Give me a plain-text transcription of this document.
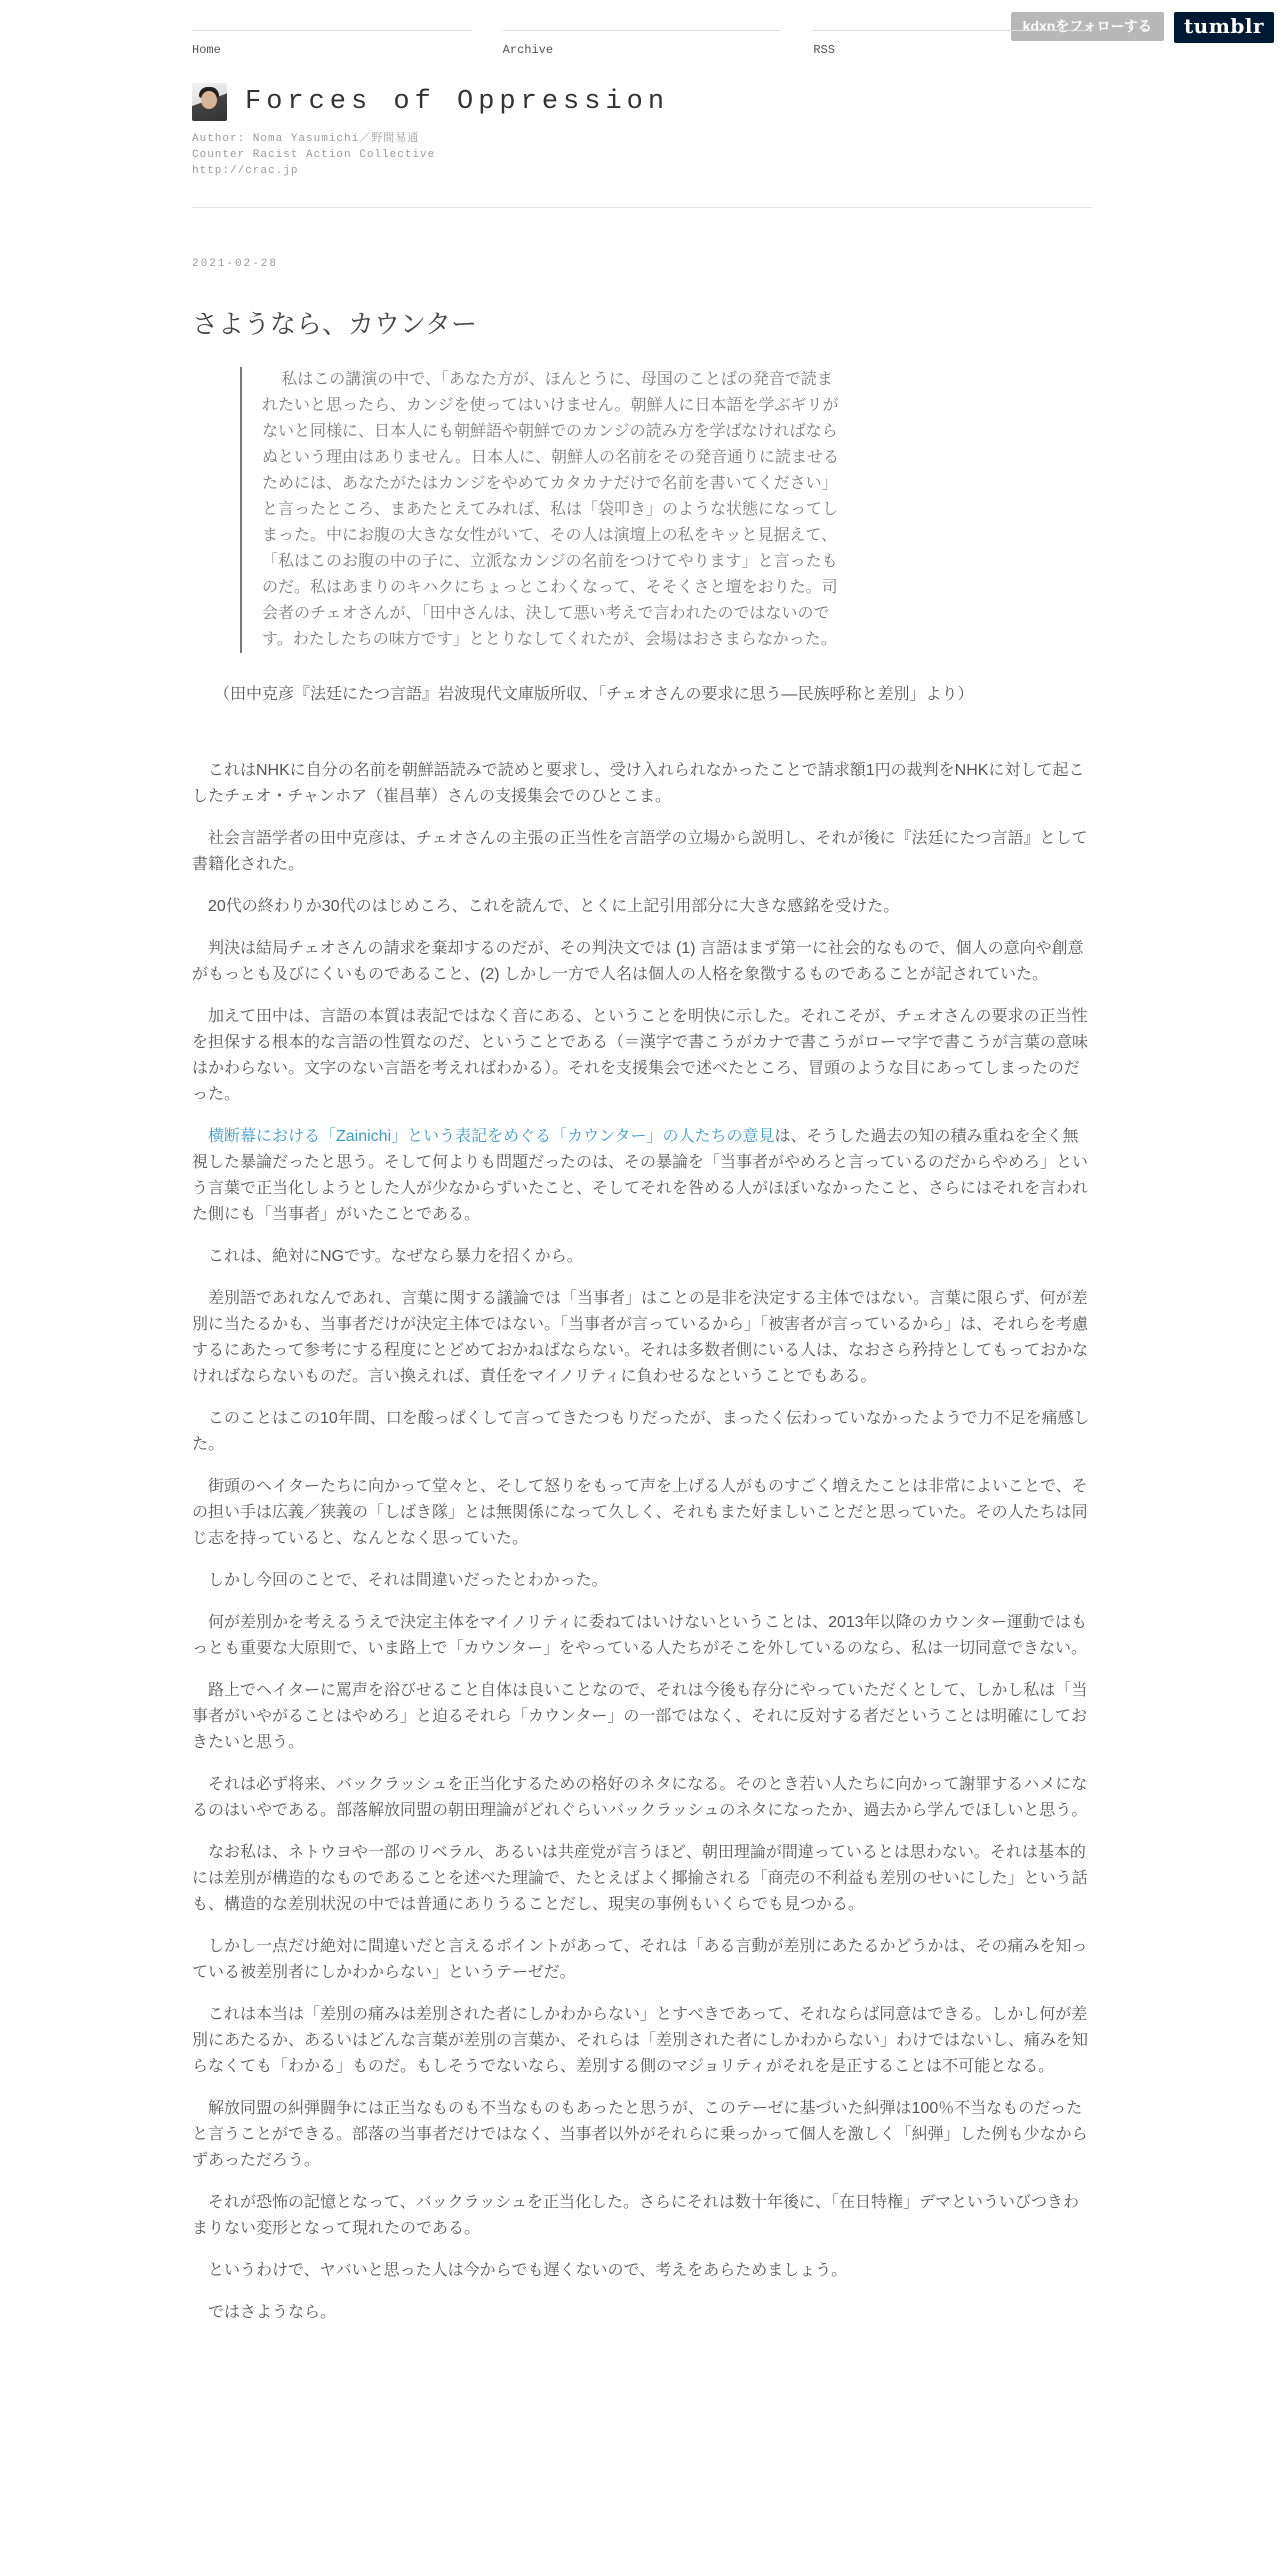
kdxnをフォローする	tumblr
Home	Archive	RSS
Forces of Oppression
Author: Noma Yasumichi／野間易通
Counter Racist Action Collective
http://crac.jp
2021-02-28
さようなら、カウンター
私はこの講演の中で、「あなた方が、ほんとうに、母国のことばの発音で読まれたいと思ったら、カンジを使ってはいけません。朝鮮人に日本語を学ぶギリがないと同様に、日本人にも朝鮮語や朝鮮でのカンジの読み方を学ばなければならぬという理由はありません。日本人に、朝鮮人の名前をその発音通りに読ませるためには、あなたがたはカンジをやめてカタカナだけで名前を書いてください」と言ったところ、まあたとえてみれば、私は「袋叩き」のような状態になってしまった。中にお腹の大きな女性がいて、その人は演壇上の私をキッと見据えて、「私はこのお腹の中の子に、立派なカンジの名前をつけてやります」と言ったものだ。私はあまりのキハクにちょっとこわくなって、そそくさと壇をおりた。司会者のチェオさんが、「田中さんは、決して悪い考えで言われたのではないのです。わたしたちの味方です」ととりなしてくれたが、会場はおさまらなかった。
（田中克彦『法廷にたつ言語』岩波現代文庫版所収、「チェオさんの要求に思う―民族呼称と差別」より）

これはNHKに自分の名前を朝鮮語読みで読めと要求し、受け入れられなかったことで請求額1円の裁判をNHKに対して起こしたチェオ・チャンホア（崔昌華）さんの支援集会でのひとこま。

社会言語学者の田中克彦は、チェオさんの主張の正当性を言語学の立場から説明し、それが後に『法廷にたつ言語』として書籍化された。

20代の終わりか30代のはじめころ、これを読んで、とくに上記引用部分に大きな感銘を受けた。

判決は結局チェオさんの請求を棄却するのだが、その判決文では (1) 言語はまず第一に社会的なもので、個人の意向や創意がもっとも及びにくいものであること、(2) しかし一方で人名は個人の人格を象徴するものであることが記されていた。

加えて田中は、言語の本質は表記ではなく音にある、ということを明快に示した。それこそが、チェオさんの要求の正当性を担保する根本的な言語の性質なのだ、ということである（＝漢字で書こうがカナで書こうがローマ字で書こうが言葉の意味はかわらない。文字のない言語を考えればわかる）。それを支援集会で述べたところ、冒頭のような目にあってしまったのだった。

横断幕における「Zainichi」という表記をめぐる「カウンター」の人たちの意見は、そうした過去の知の積み重ねを全く無視した暴論だったと思う。そして何よりも問題だったのは、その暴論を「当事者がやめろと言っているのだからやめろ」という言葉で正当化しようとした人が少なからずいたこと、そしてそれを咎める人がほぼいなかったこと、さらにはそれを言われた側にも「当事者」がいたことである。

これは、絶対にNGです。なぜなら暴力を招くから。

差別語であれなんであれ、言葉に関する議論では「当事者」はことの是非を決定する主体ではない。言葉に限らず、何が差別に当たるかも、当事者だけが決定主体ではない。「当事者が言っているから」「被害者が言っているから」は、それらを考慮するにあたって参考にする程度にとどめておかねばならない。それは多数者側にいる人は、なおさら矜持としてもっておかなければならないものだ。言い換えれば、責任をマイノリティに負わせるなということでもある。

このことはこの10年間、口を酸っぱくして言ってきたつもりだったが、まったく伝わっていなかったようで力不足を痛感した。

街頭のヘイターたちに向かって堂々と、そして怒りをもって声を上げる人がものすごく増えたことは非常によいことで、その担い手は広義／狭義の「しばき隊」とは無関係になって久しく、それもまた好ましいことだと思っていた。その人たちは同じ志を持っていると、なんとなく思っていた。

しかし今回のことで、それは間違いだったとわかった。

何が差別かを考えるうえで決定主体をマイノリティに委ねてはいけないということは、2013年以降のカウンター運動ではもっとも重要な大原則で、いま路上で「カウンター」をやっている人たちがそこを外しているのなら、私は一切同意できない。

路上でヘイターに罵声を浴びせること自体は良いことなので、それは今後も存分にやっていただくとして、しかし私は「当事者がいやがることはやめろ」と迫るそれら「カウンター」の一部ではなく、それに反対する者だということは明確にしておきたいと思う。

それは必ず将来、バックラッシュを正当化するための格好のネタになる。そのとき若い人たちに向かって謝罪するハメになるのはいやである。部落解放同盟の朝田理論がどれぐらいバックラッシュのネタになったか、過去から学んでほしいと思う。

なお私は、ネトウヨや一部のリベラル、あるいは共産党が言うほど、朝田理論が間違っているとは思わない。それは基本的には差別が構造的なものであることを述べた理論で、たとえばよく揶揄される「商売の不利益も差別のせいにした」という話も、構造的な差別状況の中では普通にありうることだし、現実の事例もいくらでも見つかる。

しかし一点だけ絶対に間違いだと言えるポイントがあって、それは「ある言動が差別にあたるかどうかは、その痛みを知っている被差別者にしかわからない」というテーゼだ。

これは本当は「差別の痛みは差別された者にしかわからない」とすべきであって、それならば同意はできる。しかし何が差別にあたるか、あるいはどんな言葉が差別の言葉か、それらは「差別された者にしかわからない」わけではないし、痛みを知らなくても「わかる」ものだ。もしそうでないなら、差別する側のマジョリティがそれを是正することは不可能となる。

解放同盟の糾弾闘争には正当なものも不当なものもあったと思うが、このテーゼに基づいた糾弾は100％不当なものだったと言うことができる。部落の当事者だけではなく、当事者以外がそれらに乗っかって個人を激しく「糾弾」した例も少なからずあっただろう。

それが恐怖の記憶となって、バックラッシュを正当化した。さらにそれは数十年後に、「在日特権」デマといういびつきわまりない変形となって現れたのである。

というわけで、ヤバいと思った人は今からでも遅くないので、考えをあらためましょう。

ではさようなら。
